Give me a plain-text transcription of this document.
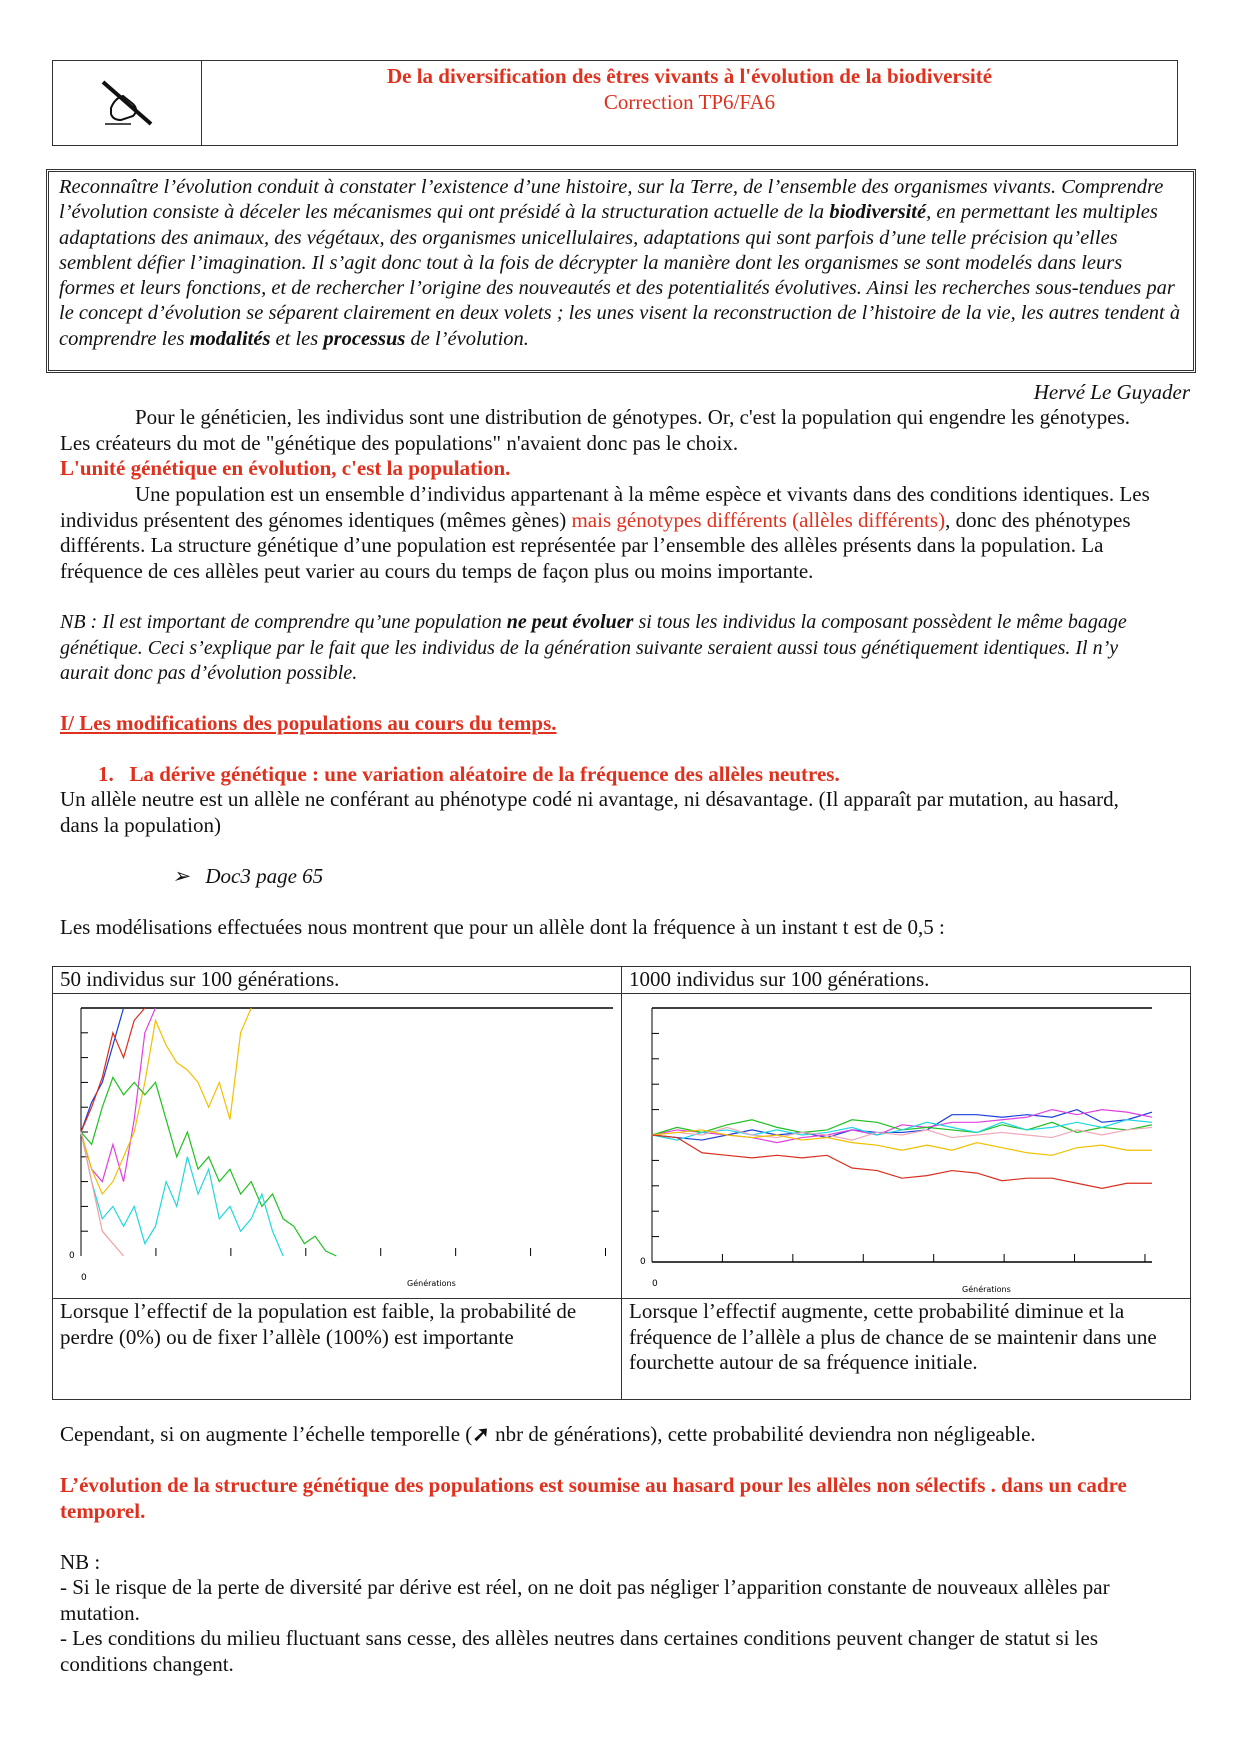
De la diversification des êtres vivants à l'évolution de la biodiversité
Correction TP6/FA6
Reconnaître l’évolution conduit à constater l’existence d’une histoire, sur la Terre, de l’ensemble des organismes vivants. Comprendre l’évolution consiste à déceler les mécanismes qui ont présidé à la structuration actuelle de la biodiversité, en permettant les multiples adaptations des animaux, des végétaux, des organismes unicellulaires, adaptations qui sont parfois d’une telle précision qu’elles semblent défier l’imagination. Il s’agit donc tout à la fois de décrypter la manière dont les organismes se sont modelés dans leurs formes et leurs fonctions, et de rechercher l’origine des nouveautés et des potentialités évolutives. Ainsi les recherches sous-tendues par le concept d’évolution se séparent clairement en deux volets ; les unes visent la reconstruction de l’histoire de la vie, les autres tendent à comprendre les modalités et les processus de l’évolution.
Hervé Le Guyader
Pour le généticien, les individus sont une distribution de génotypes. Or, c'est la population qui engendre les génotypes. Les créateurs du mot de "génétique des populations" n'avaient donc pas le choix.
L'unité génétique en évolution, c'est la population.
Une population est un ensemble d’individus appartenant à la même espèce et vivants dans des conditions identiques. Les individus présentent des génomes identiques (mêmes gènes) mais génotypes différents (allèles différents), donc des phénotypes différents. La structure génétique d’une population est représentée par l’ensemble des allèles présents dans la population. La fréquence de ces allèles peut varier au cours du temps de façon plus ou moins importante.
NB : Il est important de comprendre qu’une population ne peut évoluer si tous les individus la composant possèdent le même bagage génétique. Ceci s’explique par le fait que les individus de la génération suivante seraient aussi tous génétiquement identiques. Il n’y aurait donc pas d’évolution possible.
I/ Les modifications des populations au cours du temps.
1. La dérive génétique : une variation aléatoire de la fréquence des allèles neutres.
Un allèle neutre est un allèle ne conférant au phénotype codé ni avantage, ni désavantage. (Il apparaît par mutation, au hasard, dans la population)
➢ Doc3 page 65
Les modélisations effectuées nous montrent que pour un allèle dont la fréquence à un instant t est de 0,5 :
50 individus sur 100 générations.	1000 individus sur 100 générations.

0
0
Générations	0
0
Générations

Lorsque l’effectif de la population est faible, la probabilité de perdre (0%) ou de fixer l’allèle (100%) est importante	Lorsque l’effectif augmente, cette probabilité diminue et la fréquence de l’allèle a plus de chance de se maintenir dans une fourchette autour de sa fréquence initiale.
Cependant, si on augmente l’échelle temporelle (➚ nbr de générations), cette probabilité deviendra non négligeable.
L’évolution de la structure génétique des populations est soumise au hasard pour les allèles non sélectifs . dans un cadre temporel.
NB :
- Si le risque de la perte de diversité par dérive est réel, on ne doit pas négliger l’apparition constante de nouveaux allèles par mutation.
- Les conditions du milieu fluctuant sans cesse, des allèles neutres dans certaines conditions peuvent changer de statut si les conditions changent.
